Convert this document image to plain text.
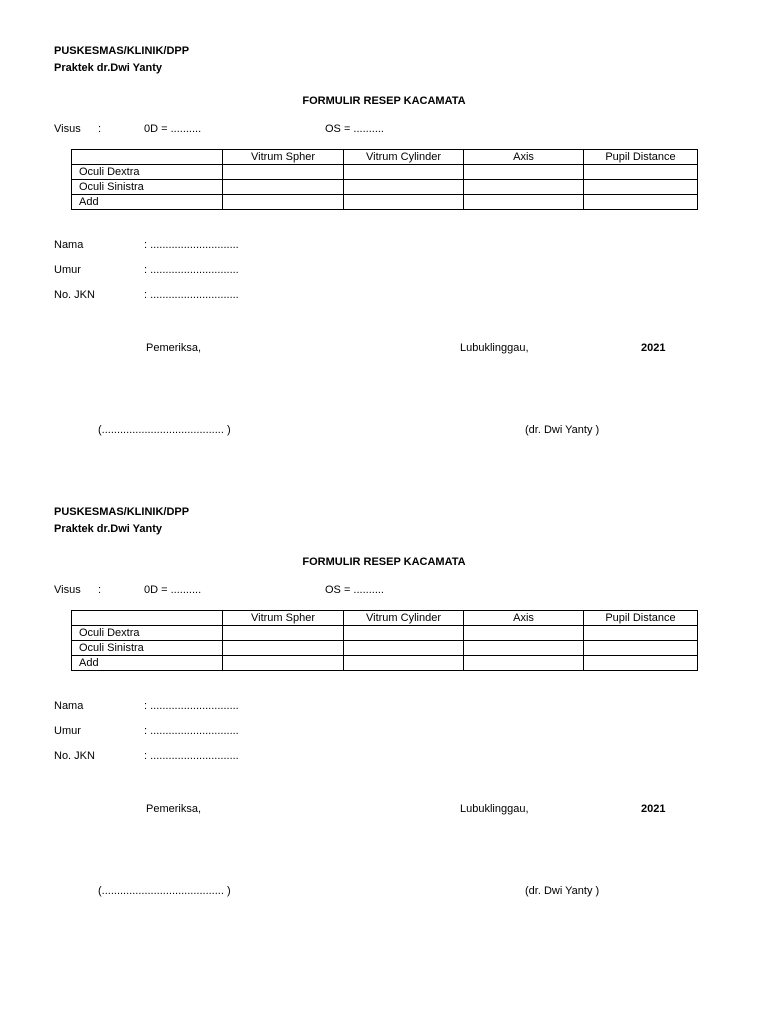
PUSKESMAS/KLINIK/DPP
Praktek dr.Dwi Yanty
FORMULIR RESEP KACAMATA
Visus :	0D = ..........	OS = ..........
	Vitrum Spher	Vitrum Cylinder	Axis	Pupil Distance
Oculi Dextra				
Oculi Sinistra				
Add				
Nama	: .............................
Umur	: .............................
No. JKN	: .............................
Pemeriksa,	Lubuklinggau,	2021
(........................................ )	(dr. Dwi Yanty )
PUSKESMAS/KLINIK/DPP
Praktek dr.Dwi Yanty
FORMULIR RESEP KACAMATA
Visus :	0D = ..........	OS = ..........
	Vitrum Spher	Vitrum Cylinder	Axis	Pupil Distance
Oculi Dextra				
Oculi Sinistra				
Add				
Nama	: .............................
Umur	: .............................
No. JKN	: .............................
Pemeriksa,	Lubuklinggau,	2021
(........................................ )	(dr. Dwi Yanty )
